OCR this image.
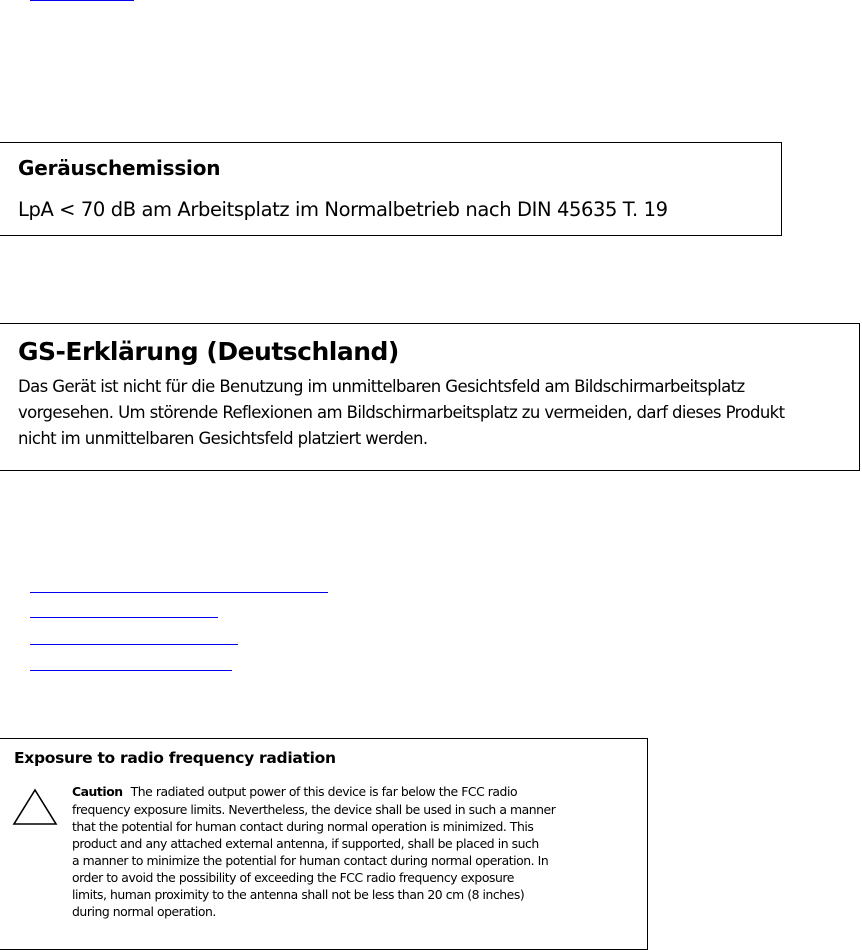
Geräuschemission
LpA < 70 dB am Arbeitsplatz im Normalbetrieb nach DIN 45635 T. 19
GS-Erklärung (Deutschland)
Das Gerät ist nicht für die Benutzung im unmittelbaren Gesichtsfeld am Bildschirmarbeitsplatz
vorgesehen. Um störende Reflexionen am Bildschirmarbeitsplatz zu vermeiden, darf dieses Produkt
nicht im unmittelbaren Gesichtsfeld platziert werden.
Exposure to radio frequency radiation
Caution The radiated output power of this device is far below the FCC radio
frequency exposure limits. Nevertheless, the device shall be used in such a manner
that the potential for human contact during normal operation is minimized. This
product and any attached external antenna, if supported, shall be placed in such
a manner to minimize the potential for human contact during normal operation. In
order to avoid the possibility of exceeding the FCC radio frequency exposure
limits, human proximity to the antenna shall not be less than 20 cm (8 inches)
during normal operation.
